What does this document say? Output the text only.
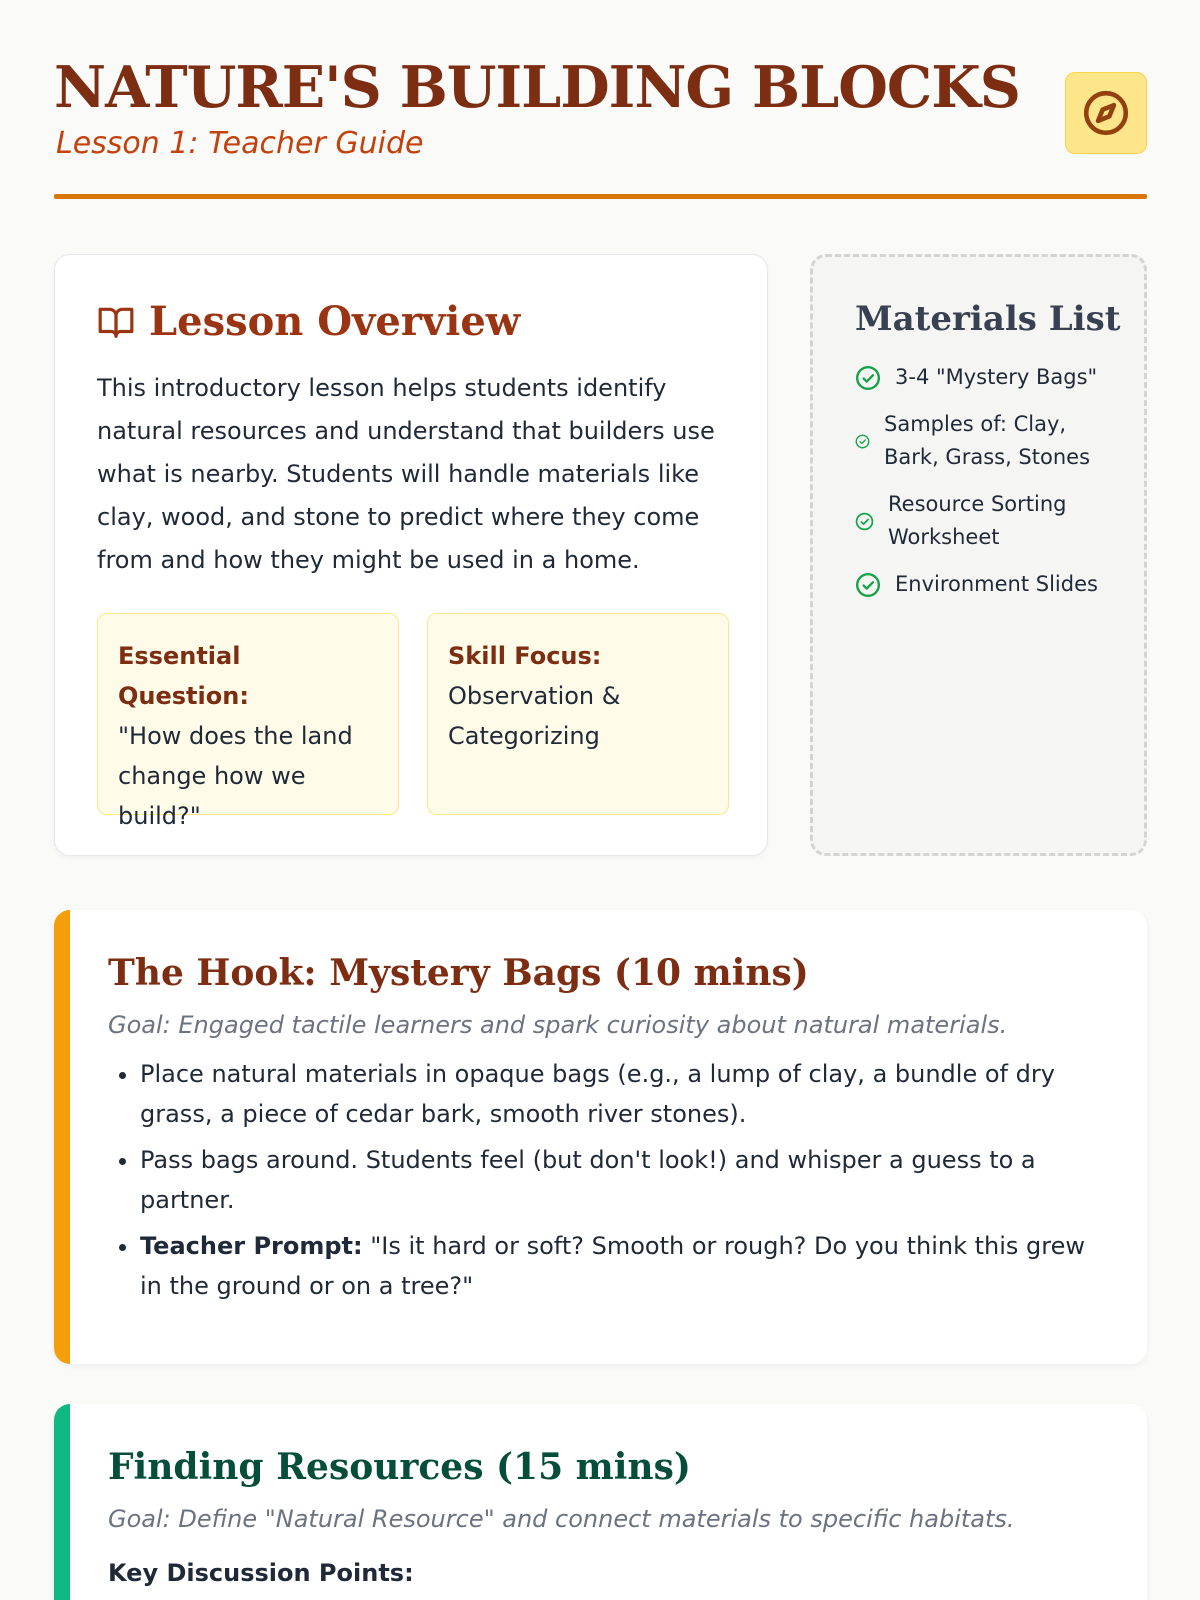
NATURE'S BUILDING BLOCKS
Lesson 1: Teacher Guide
Lesson Overview

This introductory lesson helps students identify natural resources and understand that builders use what is nearby. Students will handle materials like clay, wood, and stone to predict where they come from and how they might be used in a home.

Essential Question:
"How does the land change how we build?"
Skill Focus:
Observation & Categorizing
Materials List
3-4 "Mystery Bags"
Samples of: Clay, Bark, Grass, Stones
Resource Sorting Worksheet
Environment Slides
The Hook: Mystery Bags (10 mins)

Goal: Engaged tactile learners and spark curiosity about natural materials.

• Place natural materials in opaque bags (e.g., a lump of clay, a bundle of dry grass, a piece of cedar bark, smooth river stones).
• Pass bags around. Students feel (but don't look!) and whisper a guess to a partner.
• Teacher Prompt: "Is it hard or soft? Smooth or rough? Do you think this grew in the ground or on a tree?"
Finding Resources (15 mins)

Goal: Define "Natural Resource" and connect materials to specific habitats.

Key Discussion Points:
